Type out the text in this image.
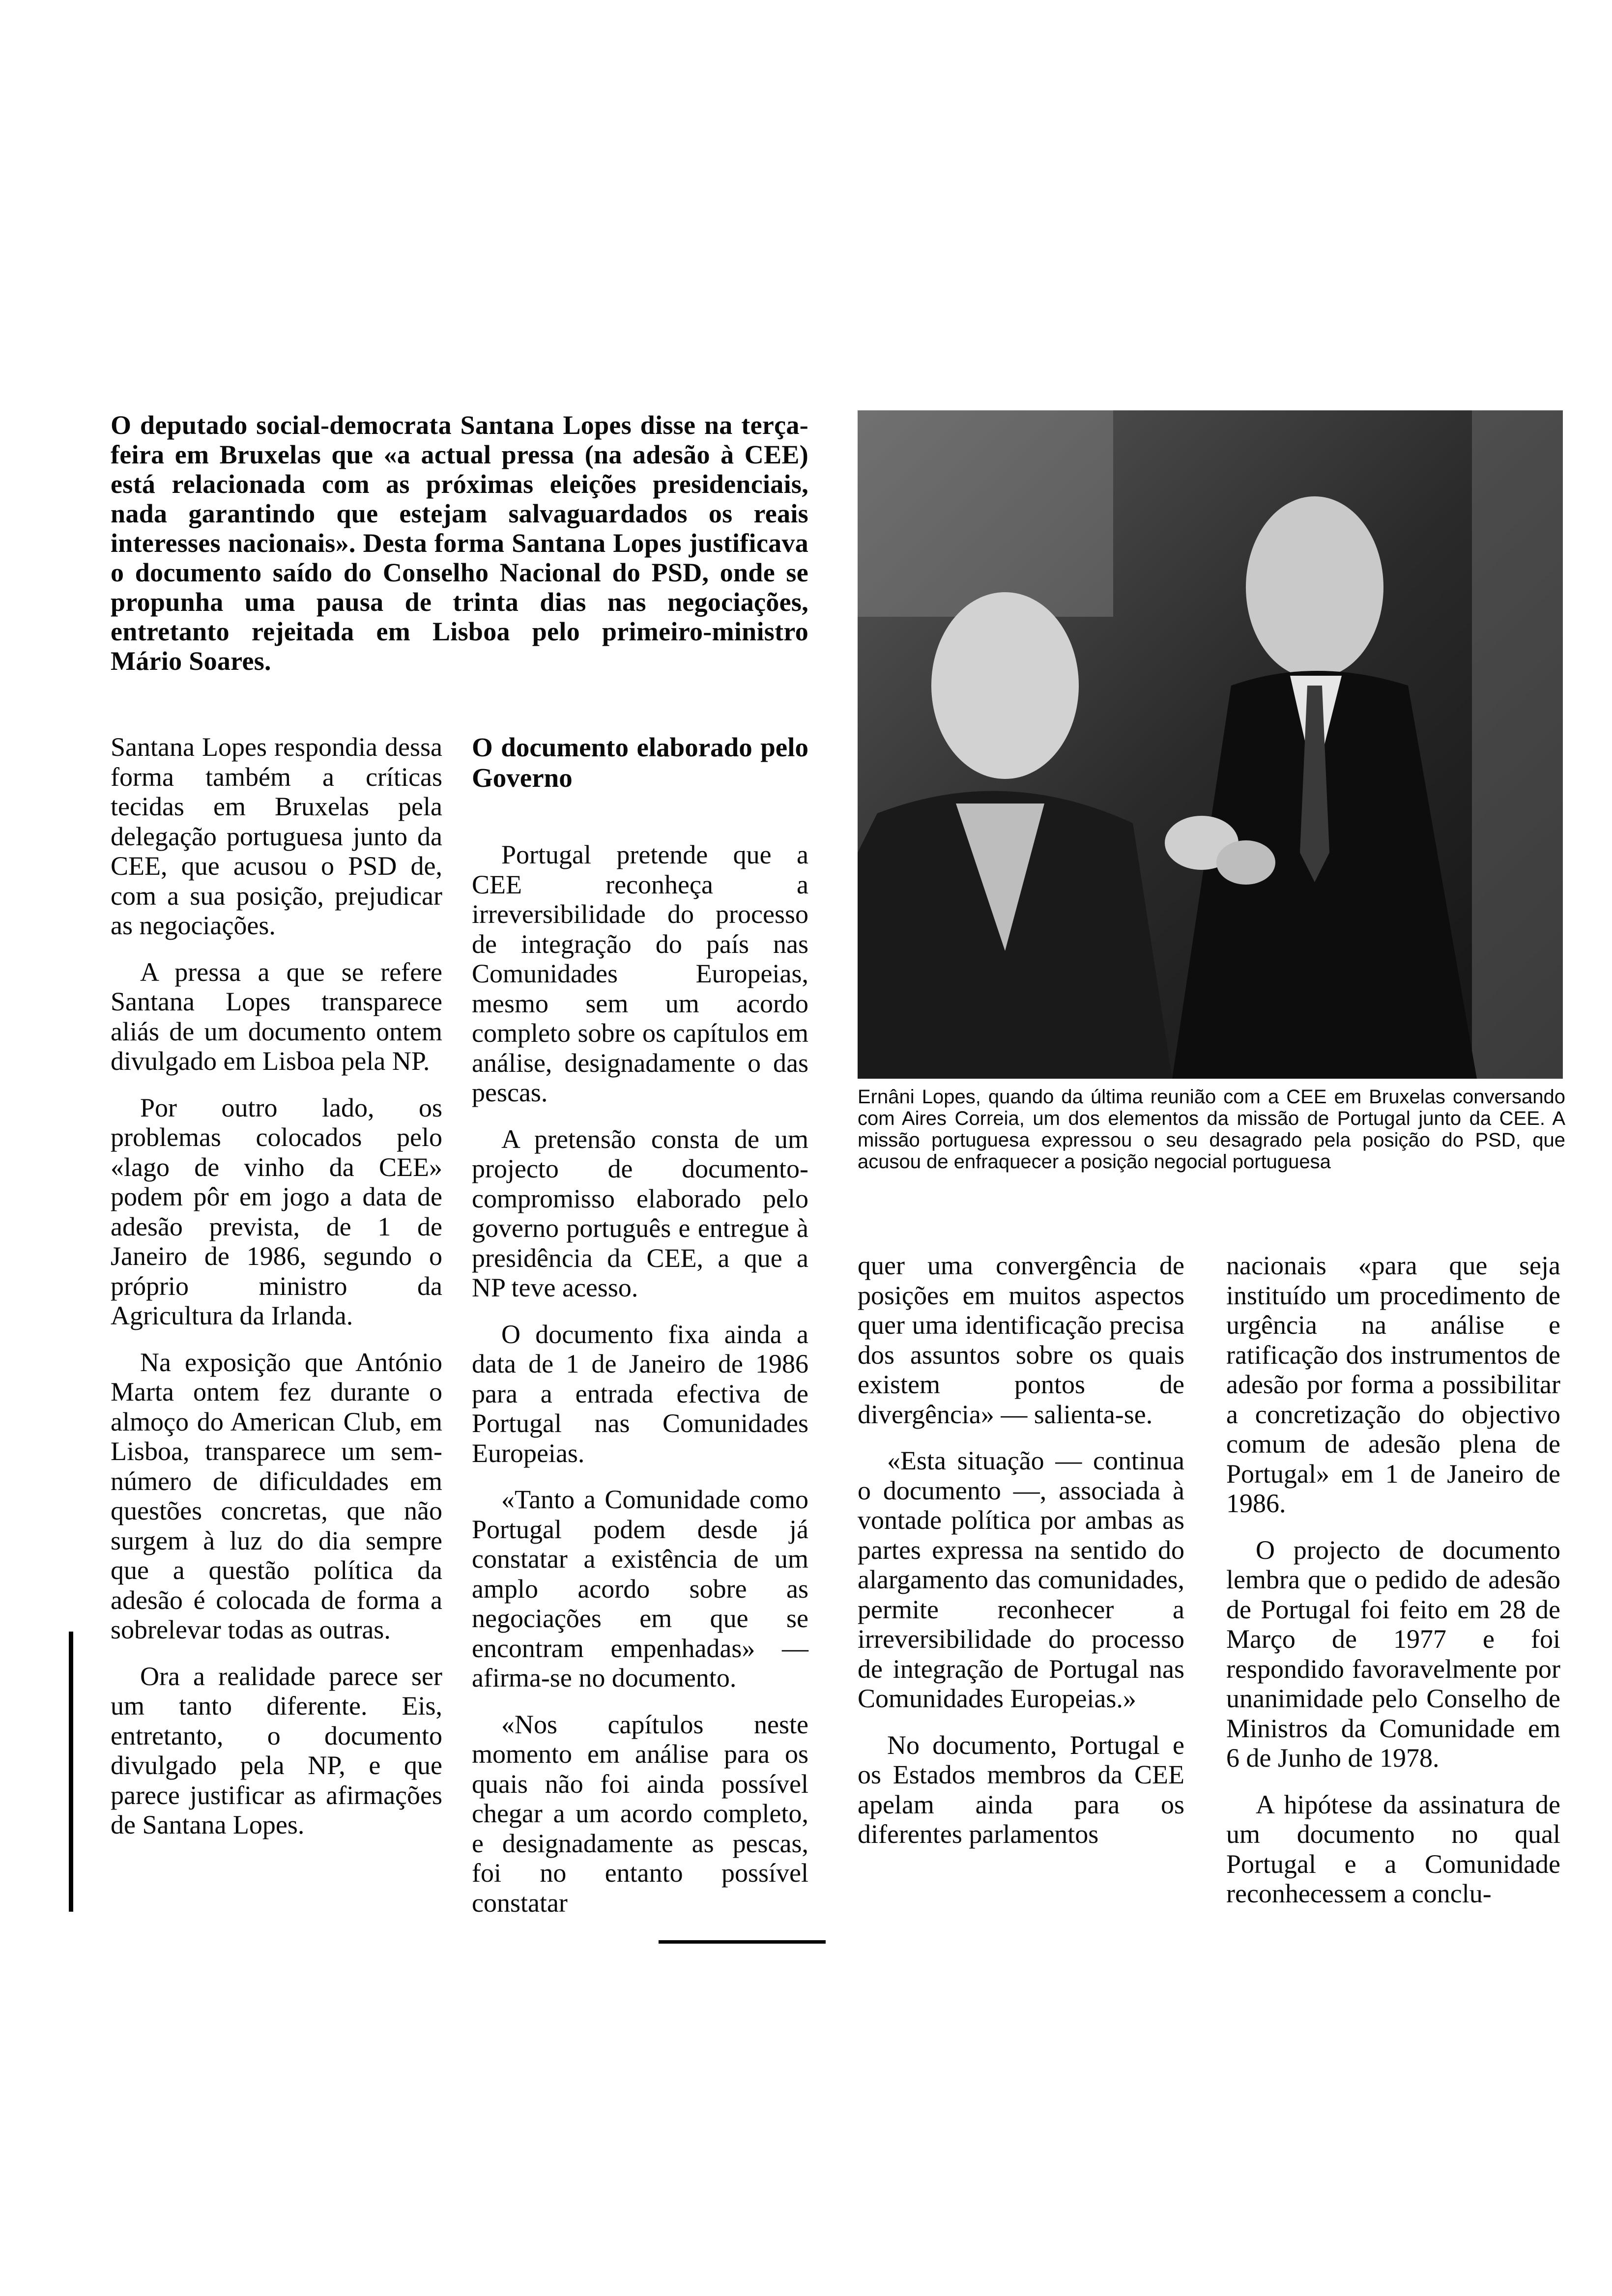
O deputado social-democrata Santana Lopes disse na terça-feira em Bruxelas que «a actual pressa (na adesão à CEE) está relacionada com as próximas eleições presidenciais, nada garantindo que estejam salvaguardados os reais interesses nacionais». Desta forma Santana Lopes justificava o documento saído do Conselho Nacional do PSD, onde se propunha uma pausa de trinta dias nas negociações, entretanto rejeitada em Lisboa pelo primeiro-ministro Mário Soares.

Santana Lopes respondia dessa forma também a críticas tecidas em Bruxelas pela delegação portuguesa junto da CEE, que acusou o PSD de, com a sua posição, prejudicar as negociações.

A pressa a que se refere Santana Lopes transparece aliás de um documento ontem divulgado em Lisboa pela NP.

Por outro lado, os problemas colocados pelo «lago de vinho da CEE» podem pôr em jogo a data de adesão prevista, de 1 de Janeiro de 1986, segundo o próprio ministro da Agricultura da Irlanda.

Na exposição que António Marta ontem fez durante o almoço do American Club, em Lisboa, transparece um sem-número de dificuldades em questões concretas, que não surgem à luz do dia sempre que a questão política da adesão é colocada de forma a sobrelevar todas as outras.

Ora a realidade parece ser um tanto diferente. Eis, entretanto, o documento divulgado pela NP, e que parece justificar as afirmações de Santana Lopes.

O documento elaborado pelo Governo

Portugal pretende que a CEE reconheça a irreversibilidade do processo de integração do país nas Comunidades Europeias, mesmo sem um acordo completo sobre os capítulos em análise, designadamente o das pescas.

A pretensão consta de um projecto de documento-compromisso elaborado pelo governo português e entregue à presidência da CEE, a que a NP teve acesso.

O documento fixa ainda a data de 1 de Janeiro de 1986 para a entrada efectiva de Portugal nas Comunidades Europeias.

«Tanto a Comunidade como Portugal podem desde já constatar a existência de um amplo acordo sobre as negociações em que se encontram empenhadas» — afirma-se no documento.

«Nos capítulos neste momento em análise para os quais não foi ainda possível chegar a um acordo completo, e designadamente as pescas, foi no entanto possível constatar

Ernâni Lopes, quando da última reunião com a CEE em Bruxelas conversando com Aires Correia, um dos elementos da missão de Portugal junto da CEE. A missão portuguesa expressou o seu desagrado pela posição do PSD, que acusou de enfraquecer a posição negocial portuguesa

quer uma convergência de posições em muitos aspectos quer uma identificação precisa dos assuntos sobre os quais existem pontos de divergência» — salienta-se.

«Esta situação — continua o documento —, associada à vontade política por ambas as partes expressa na sentido do alargamento das comunidades, permite reconhecer a irreversibilidade do processo de integração de Portugal nas Comunidades Europeias.»

No documento, Portugal e os Estados membros da CEE apelam ainda para os diferentes parlamentos

nacionais «para que seja instituído um procedimento de urgência na análise e ratificação dos instrumentos de adesão por forma a possibilitar a concretização do objectivo comum de adesão plena de Portugal» em 1 de Janeiro de 1986.

O projecto de documento lembra que o pedido de adesão de Portugal foi feito em 28 de Março de 1977 e foi respondido favoravelmente por unanimidade pelo Conselho de Ministros da Comunidade em 6 de Junho de 1978.

A hipótese da assinatura de um documento no qual Portugal e a Comunidade reconhecessem a conclu-
